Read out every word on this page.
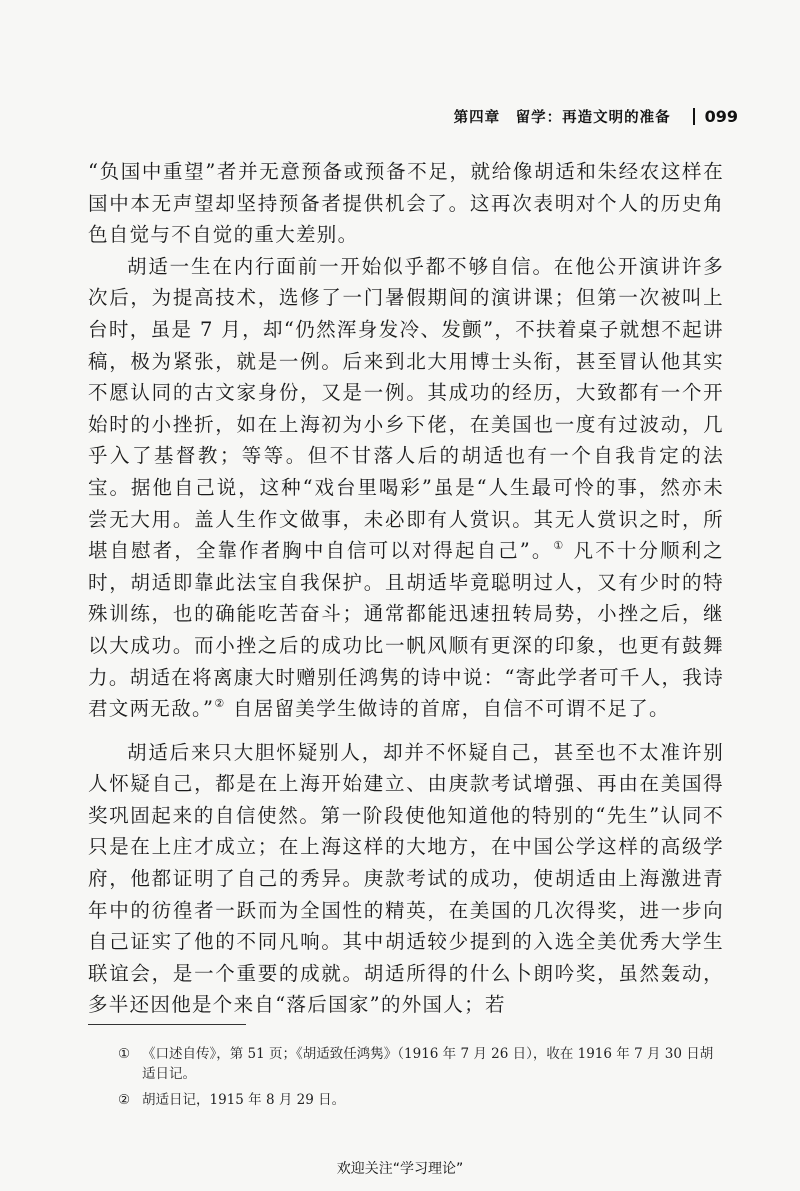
第四章　留学：再造文明的准备 099

“负国中重望”者并无意预备或预备不足，就给像胡适和朱经农这样在国中本无声望却坚持预备者提供机会了。这再次表明对个人的历史角色自觉与不自觉的重大差别。

胡适一生在内行面前一开始似乎都不够自信。在他公开演讲许多次后，为提高技术，选修了一门暑假期间的演讲课；但第一次被叫上台时，虽是 7 月，却“仍然浑身发冷、发颤”，不扶着桌子就想不起讲稿，极为紧张，就是一例。后来到北大用博士头衔，甚至冒认他其实不愿认同的古文家身份，又是一例。其成功的经历，大致都有一个开始时的小挫折，如在上海初为小乡下佬，在美国也一度有过波动，几乎入了基督教；等等。但不甘落人后的胡适也有一个自我肯定的法宝。据他自己说，这种“戏台里喝彩”虽是“人生最可怜的事，然亦未尝无大用。盖人生作文做事，未必即有人赏识。其无人赏识之时，所堪自慰者，全靠作者胸中自信可以对得起自己”。① 凡不十分顺利之时，胡适即靠此法宝自我保护。且胡适毕竟聪明过人，又有少时的特殊训练，也的确能吃苦奋斗；通常都能迅速扭转局势，小挫之后，继以大成功。而小挫之后的成功比一帆风顺有更深的印象，也更有鼓舞力。胡适在将离康大时赠别任鸿隽的诗中说：“寄此学者可千人，我诗君文两无敌。”② 自居留美学生做诗的首席，自信不可谓不足了。

胡适后来只大胆怀疑别人，却并不怀疑自己，甚至也不太准许别人怀疑自己，都是在上海开始建立、由庚款考试增强、再由在美国得奖巩固起来的自信使然。第一阶段使他知道他的特别的“先生”认同不只是在上庄才成立；在上海这样的大地方，在中国公学这样的高级学府，他都证明了自己的秀异。庚款考试的成功，使胡适由上海激进青年中的彷徨者一跃而为全国性的精英，在美国的几次得奖，进一步向自己证实了他的不同凡响。其中胡适较少提到的入选全美优秀大学生联谊会，是一个重要的成就。胡适所得的什么卜朗吟奖，虽然轰动，多半还因他是个来自“落后国家”的外国人；若

① 《口述自传》，第 51 页；《胡适致任鸿隽》（1916 年 7 月 26 日），收在 1916 年 7 月 30 日胡适日记。
② 胡适日记，1915 年 8 月 29 日。
欢迎关注“学习理论”
